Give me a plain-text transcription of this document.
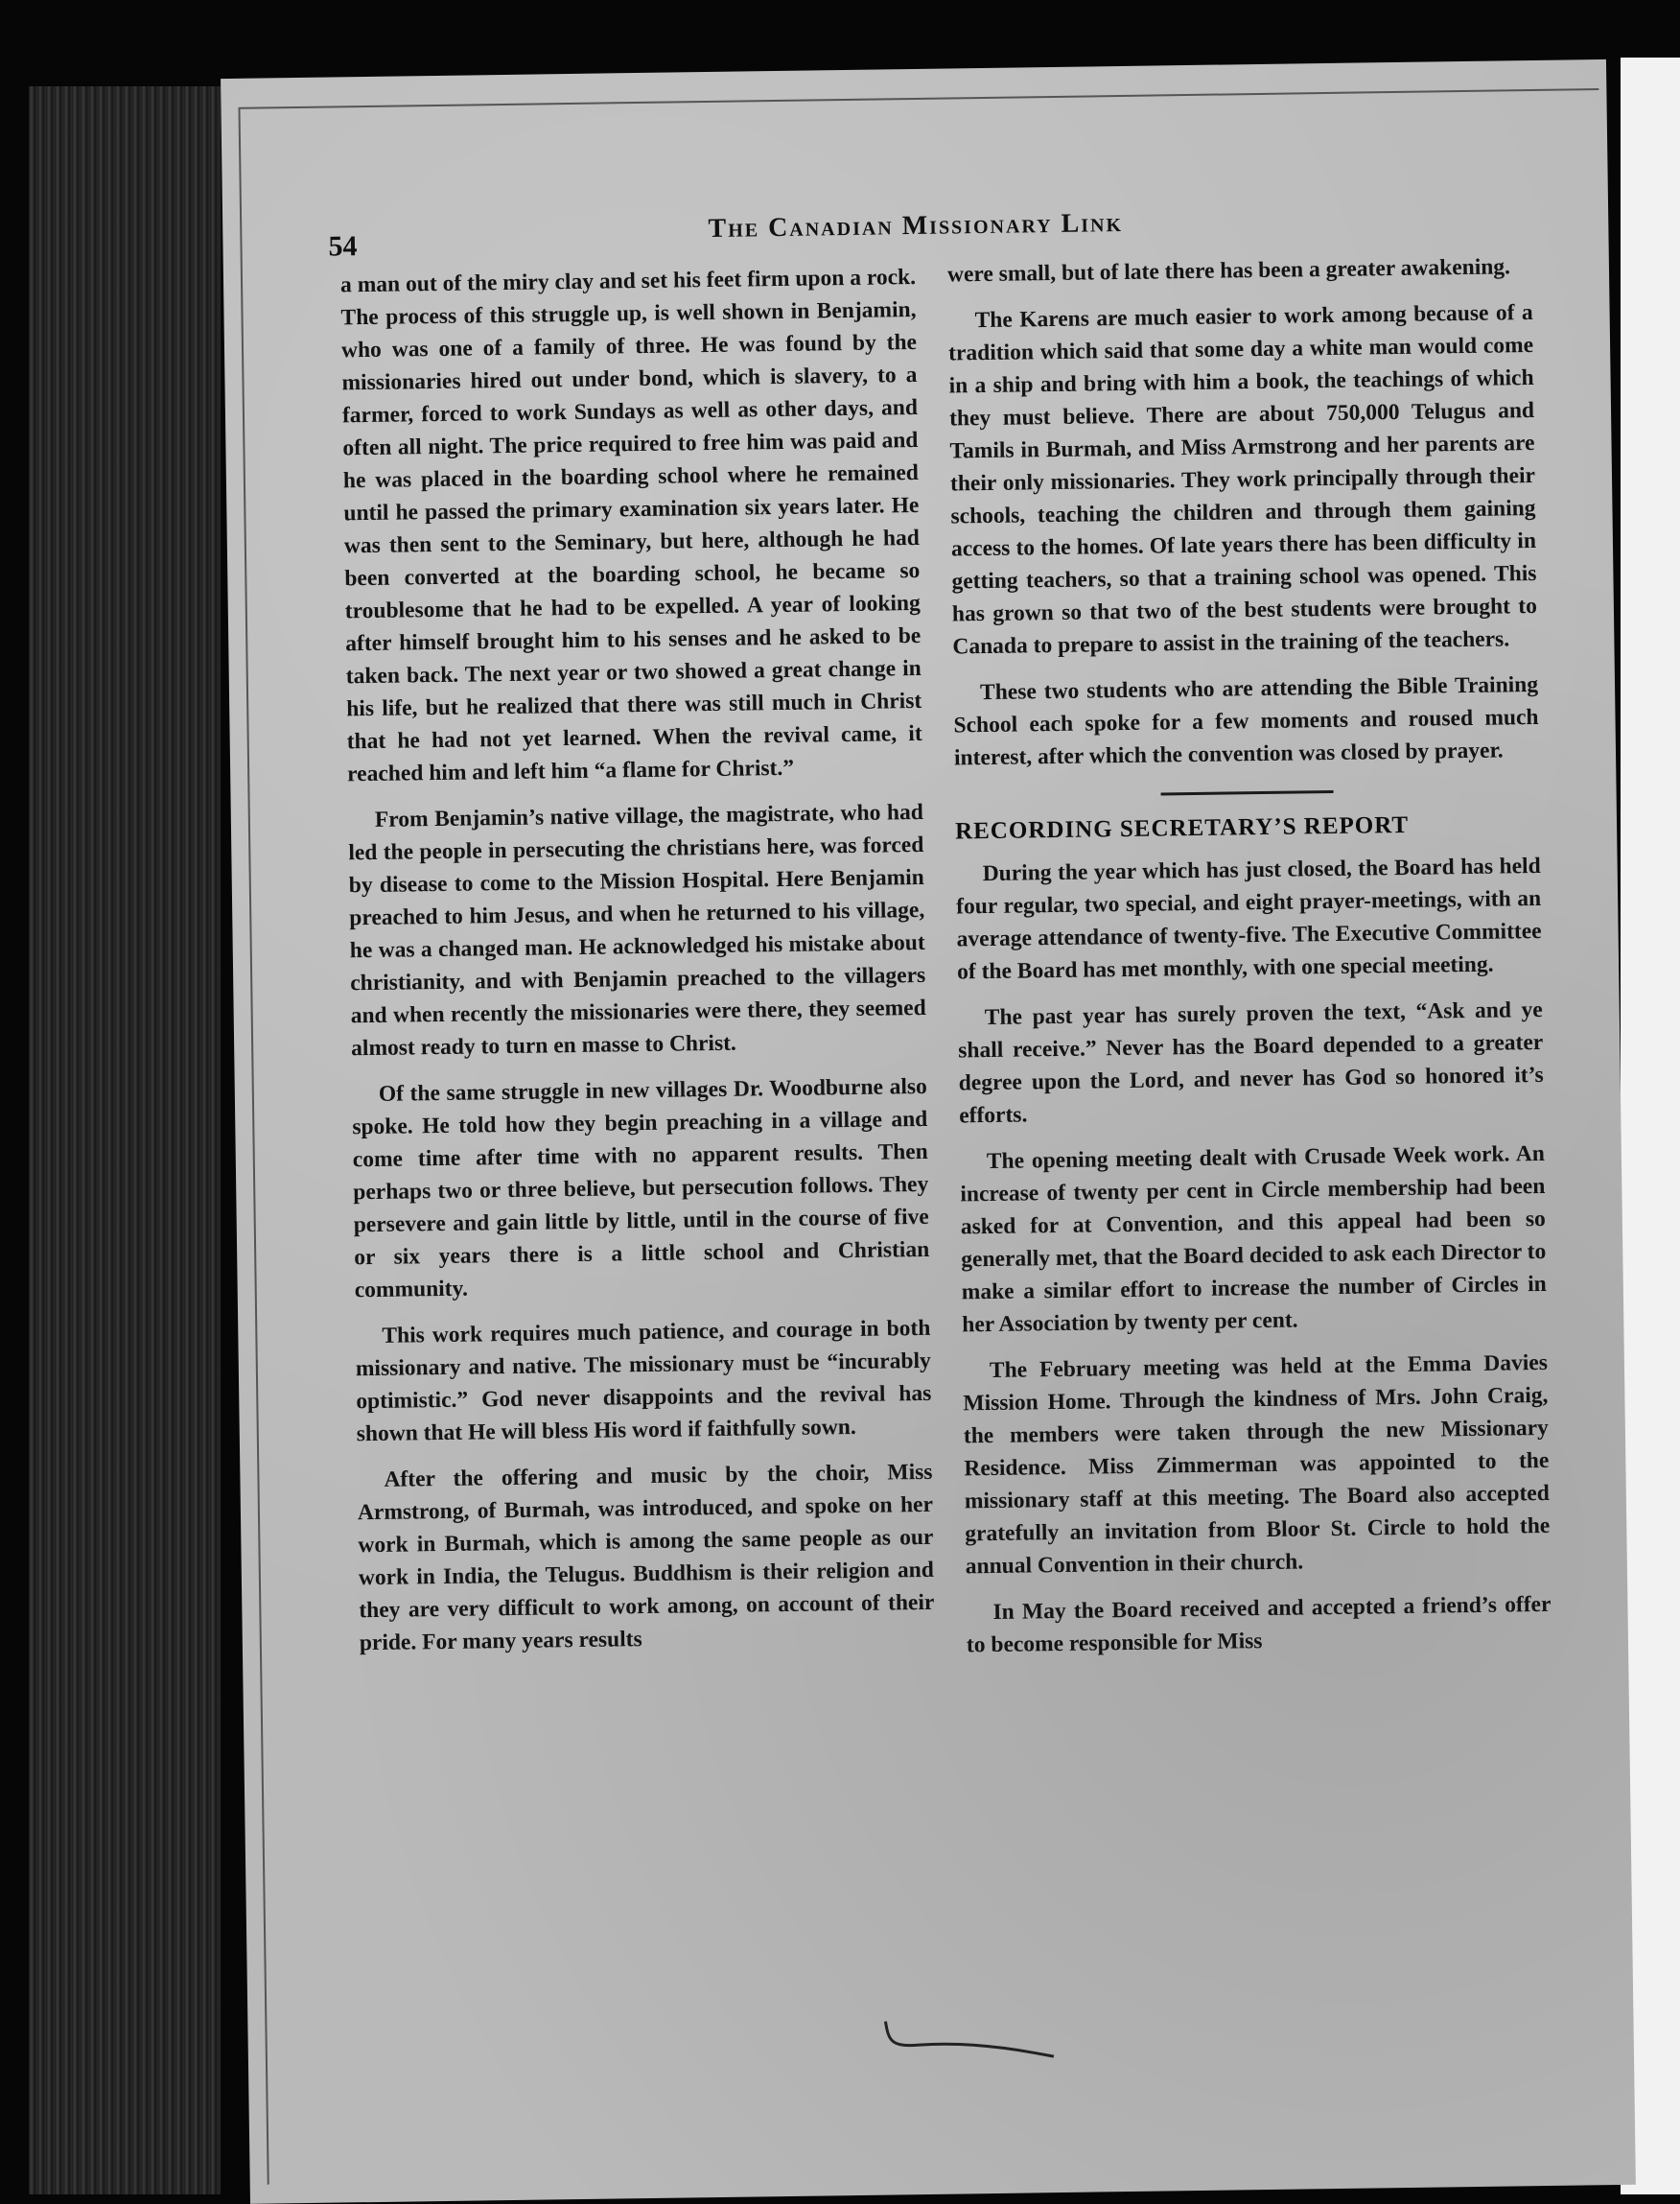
54
The Canadian Missionary Link

a man out of the miry clay and set his feet firm upon a rock. The process of this struggle up, is well shown in Benjamin, who was one of a family of three. He was found by the missionaries hired out under bond, which is slavery, to a farmer, forced to work Sundays as well as other days, and often all night. The price required to free him was paid and he was placed in the boarding school where he remained until he passed the primary examination six years later. He was then sent to the Seminary, but here, although he had been converted at the boarding school, he became so troublesome that he had to be expelled. A year of looking after himself brought him to his senses and he asked to be taken back. The next year or two showed a great change in his life, but he realized that there was still much in Christ that he had not yet learned. When the revival came, it reached him and left him “a flame for Christ.”

From Benjamin’s native village, the magistrate, who had led the people in persecuting the christians here, was forced by disease to come to the Mission Hospital. Here Benjamin preached to him Jesus, and when he returned to his village, he was a changed man. He acknowledged his mistake about christianity, and with Benjamin preached to the villagers and when recently the missionaries were there, they seemed almost ready to turn en masse to Christ.

Of the same struggle in new villages Dr. Woodburne also spoke. He told how they begin preaching in a village and come time after time with no apparent results. Then perhaps two or three believe, but persecution follows. They persevere and gain little by little, until in the course of five or six years there is a little school and Christian community.

This work requires much patience, and courage in both missionary and native. The missionary must be “incurably optimistic.” God never disappoints and the revival has shown that He will bless His word if faithfully sown.

After the offering and music by the choir, Miss Armstrong, of Burmah, was introduced, and spoke on her work in Burmah, which is among the same people as our work in India, the Telugus. Buddhism is their religion and they are very difficult to work among, on account of their pride. For many years results

were small, but of late there has been a greater awakening.

The Karens are much easier to work among because of a tradition which said that some day a white man would come in a ship and bring with him a book, the teachings of which they must believe. There are about 750,000 Telugus and Tamils in Burmah, and Miss Armstrong and her parents are their only missionaries. They work principally through their schools, teaching the children and through them gaining access to the homes. Of late years there has been difficulty in getting teachers, so that a training school was opened. This has grown so that two of the best students were brought to Canada to prepare to assist in the training of the teachers.

These two students who are attending the Bible Training School each spoke for a few moments and roused much interest, after which the convention was closed by prayer.

RECORDING SECRETARY’S REPORT

During the year which has just closed, the Board has held four regular, two special, and eight prayer-meetings, with an average attendance of twenty-five. The Executive Committee of the Board has met monthly, with one special meeting.

The past year has surely proven the text, “Ask and ye shall receive.” Never has the Board depended to a greater degree upon the Lord, and never has God so honored it’s efforts.

The opening meeting dealt with Crusade Week work. An increase of twenty per cent in Circle membership had been asked for at Convention, and this appeal had been so generally met, that the Board decided to ask each Director to make a similar effort to increase the number of Circles in her Association by twenty per cent.

The February meeting was held at the Emma Davies Mission Home. Through the kindness of Mrs. John Craig, the members were taken through the new Missionary Residence. Miss Zimmerman was appointed to the missionary staff at this meeting. The Board also accepted gratefully an invitation from Bloor St. Circle to hold the annual Convention in their church.

In May the Board received and accepted a friend’s offer to become responsible for Miss
